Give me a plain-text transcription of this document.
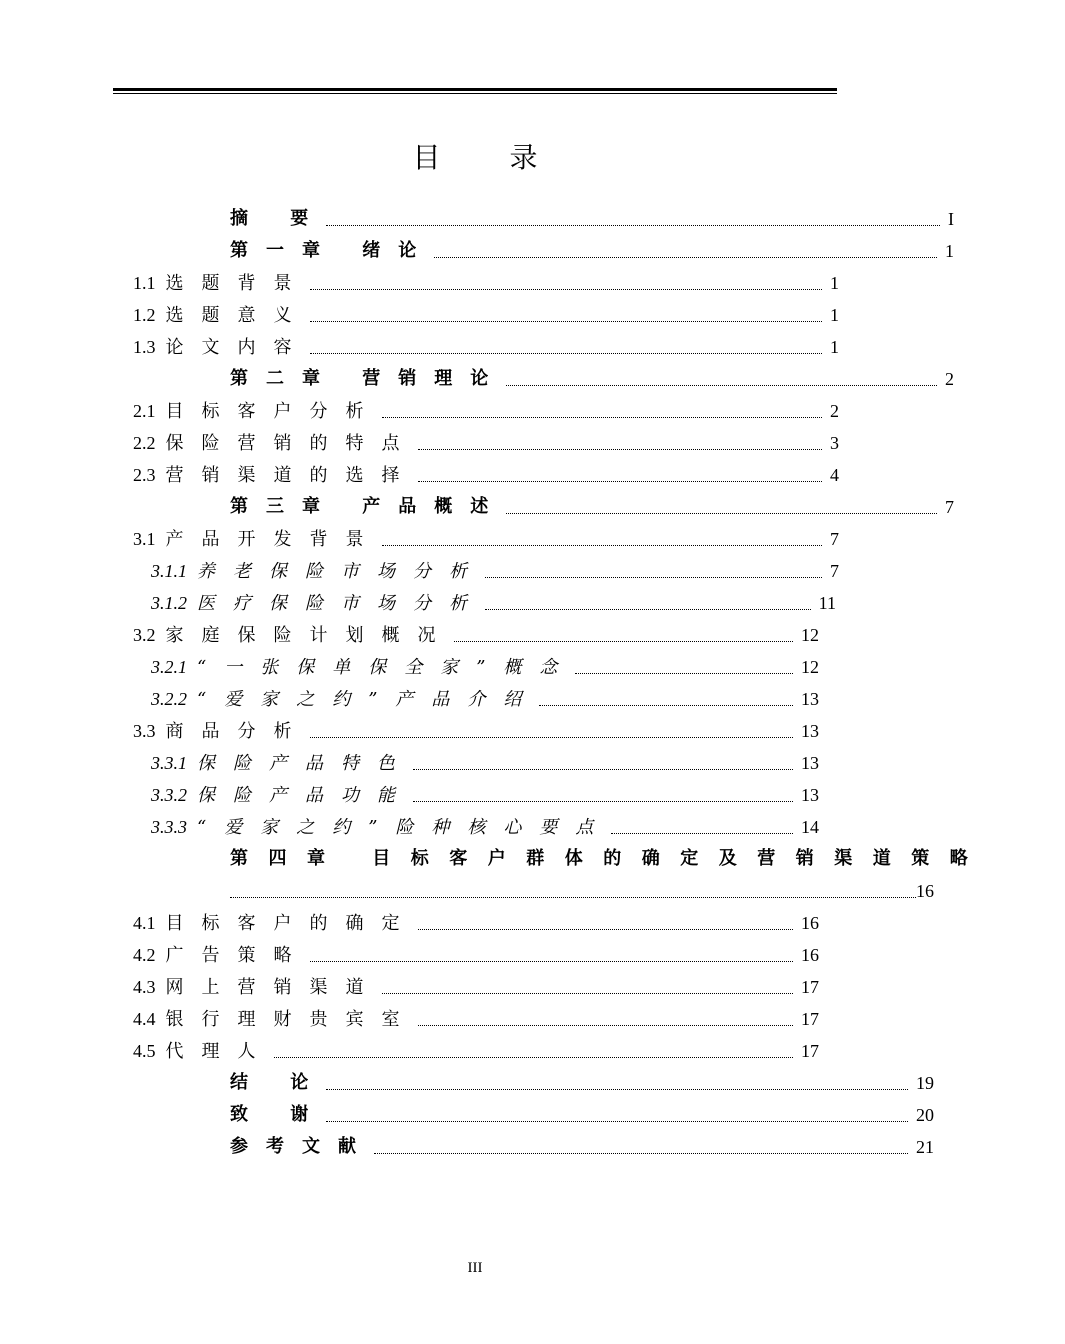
目 录
摘 要	I
第一章 绪论	1
1.1 选题背景	1
1.2 选题意义	1
1.3 论文内容	1
第二章 营销理论	2
2.1 目标客户分析	2
2.2 保险营销的特点	3
2.3 营销渠道的选择	4
第三章 产品概述	7
3.1 产品开发背景	7
3.1.1 养老保险市场分析	7
3.1.2 医疗保险市场分析	11
3.2 家庭保险计划概况	12
3.2.1 “一张保单保全家”概念	12
3.2.2 “爱家之约”产品介绍	13
3.3 商品分析	13
3.3.1 保险产品特色	13
3.3.2 保险产品功能	13
3.3.3 “爱家之约”险种核心要点	14
第四章 目标客户群体的确定及营销渠道策略
16
4.1 目标客户的确定	16
4.2 广告策略	16
4.3 网上营销渠道	17
4.4 银行理财贵宾室	17
4.5 代理人	17
结 论	19
致 谢	20
参考文献	21
III
